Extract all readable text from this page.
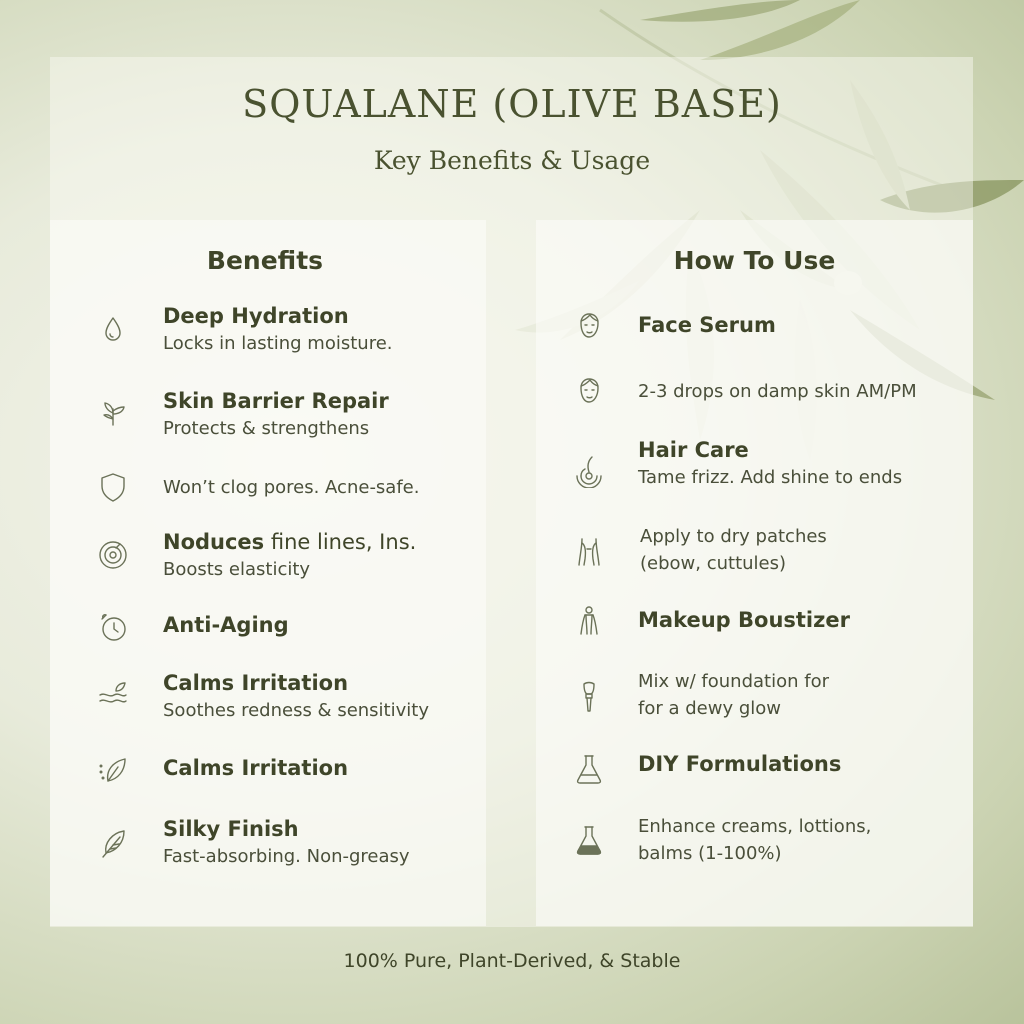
SQUALANE (OLIVE BASE)
Key Benefits & Usage
Benefits
Deep Hydration
Locks in lasting moisture.
Skin Barrier Repair
Protects & strengthens
Won’t clog pores. Acne-safe.
Noduces fine lines, Ins.
Boosts elasticity
Anti-Aging
Calms Irritation
Soothes redness & sensitivity
Calms Irritation
Silky Finish
Fast-absorbing. Non-greasy
How To Use
Face Serum
2-3 drops on damp skin AM/PM
Hair Care
Tame frizz. Add shine to ends
Apply to dry patches
(ebow, cuttules)
Makeup Boustizer
Mix w/ foundation for
for a dewy glow
DIY Formulations
Enhance creams, lottions,
balms (1-100%)
100% Pure, Plant-Derived, & Stable
